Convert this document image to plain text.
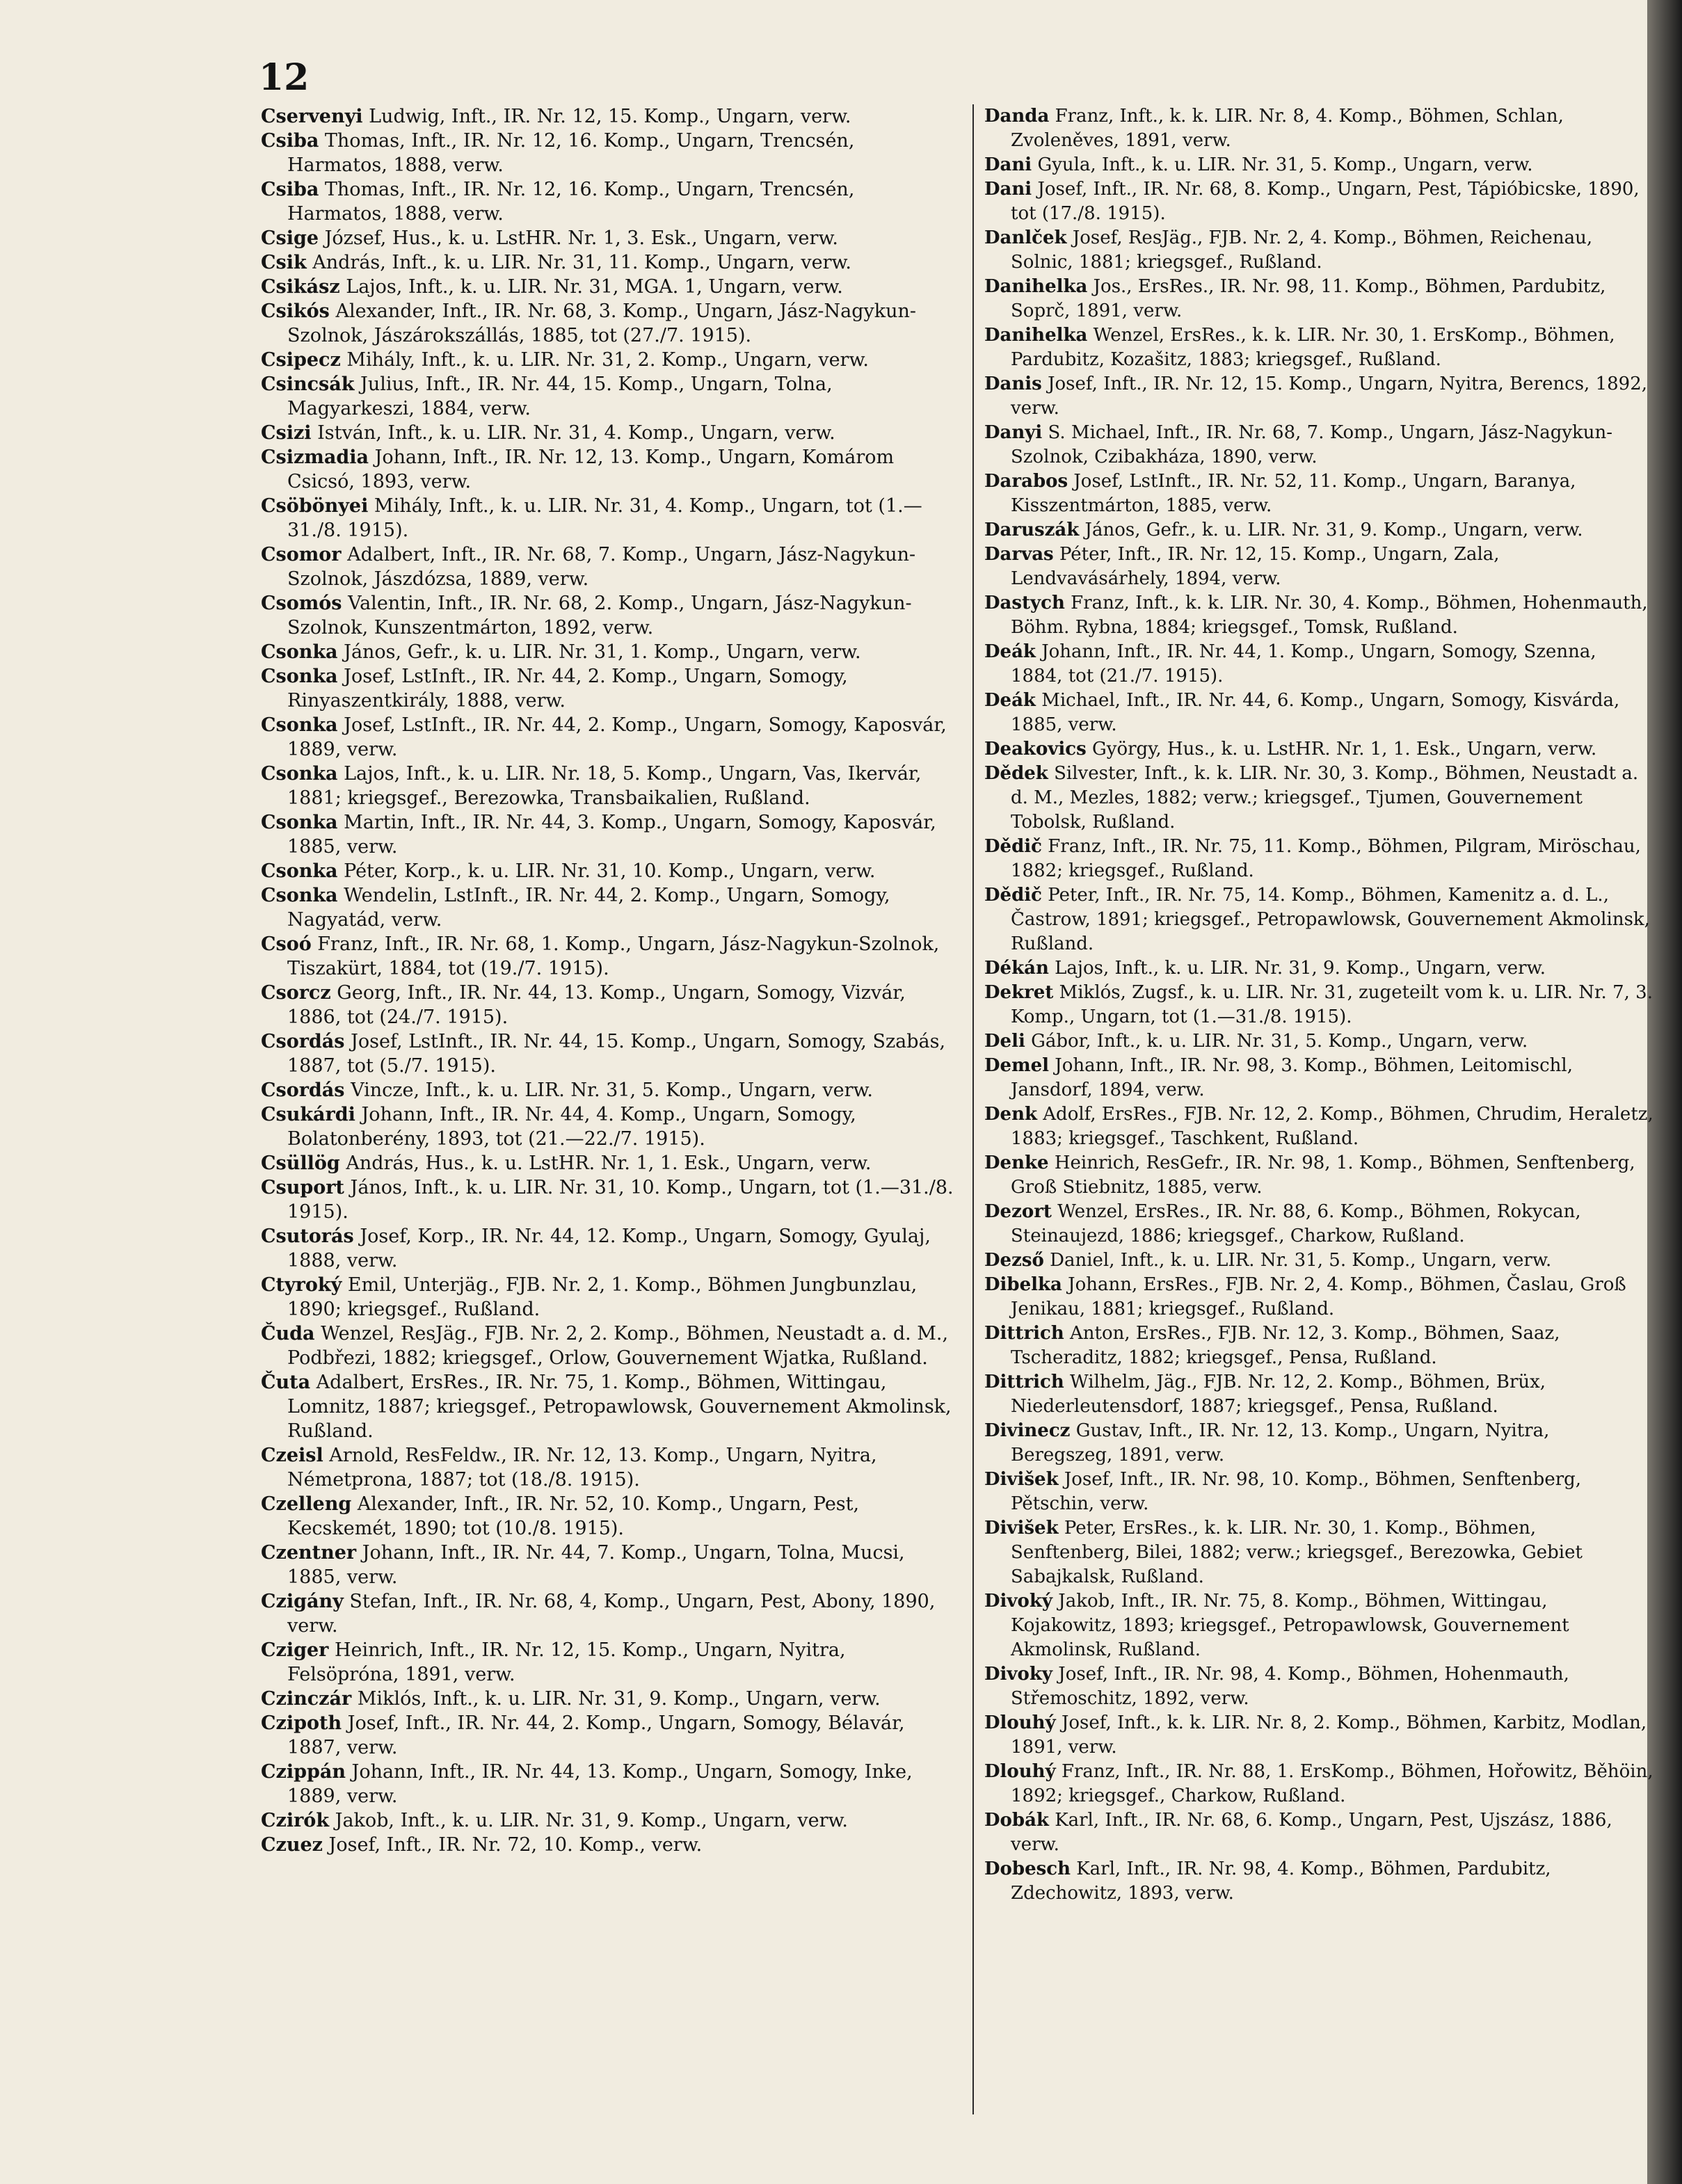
12

Cservenyi Ludwig, Inft., IR. Nr. 12, 15. Komp., Ungarn, verw.
Csiba Thomas, Inft., IR. Nr. 12, 16. Komp., Ungarn, Trencsén, Harmatos, 1888, verw.
Csiba Thomas, Inft., IR. Nr. 12, 16. Komp., Ungarn, Trencsén, Harmatos, 1888, verw.
Csige József, Hus., k. u. LstHR. Nr. 1, 3. Esk., Ungarn, verw.
Csik András, Inft., k. u. LIR. Nr. 31, 11. Komp., Ungarn, verw.
Csikász Lajos, Inft., k. u. LIR. Nr. 31, MGA. 1, Ungarn, verw.
Csikós Alexander, Inft., IR. Nr. 68, 3. Komp., Ungarn, Jász-Nagykun-Szolnok, Jászárokszállás, 1885, tot (27./7. 1915).
Csipecz Mihály, Inft., k. u. LIR. Nr. 31, 2. Komp., Ungarn, verw.
Csincsák Julius, Inft., IR. Nr. 44, 15. Komp., Ungarn, Tolna, Magyarkeszi, 1884, verw.
Csizi István, Inft., k. u. LIR. Nr. 31, 4. Komp., Ungarn, verw.
Csizmadia Johann, Inft., IR. Nr. 12, 13. Komp., Ungarn, Komárom Csicsó, 1893, verw.
Csöbönyei Mihály, Inft., k. u. LIR. Nr. 31, 4. Komp., Ungarn, tot (1.—31./8. 1915).
Csomor Adalbert, Inft., IR. Nr. 68, 7. Komp., Ungarn, Jász-Nagykun-Szolnok, Jászdózsa, 1889, verw.
Csomós Valentin, Inft., IR. Nr. 68, 2. Komp., Ungarn, Jász-Nagykun-Szolnok, Kunszentmárton, 1892, verw.
Csonka János, Gefr., k. u. LIR. Nr. 31, 1. Komp., Ungarn, verw.
Csonka Josef, LstInft., IR. Nr. 44, 2. Komp., Ungarn, Somogy, Rinyaszentkirály, 1888, verw.
Csonka Josef, LstInft., IR. Nr. 44, 2. Komp., Ungarn, Somogy, Kaposvár, 1889, verw.
Csonka Lajos, Inft., k. u. LIR. Nr. 18, 5. Komp., Ungarn, Vas, Ikervár, 1881; kriegsgef., Berezowka, Transbaikalien, Rußland.
Csonka Martin, Inft., IR. Nr. 44, 3. Komp., Ungarn, Somogy, Kaposvár, 1885, verw.
Csonka Péter, Korp., k. u. LIR. Nr. 31, 10. Komp., Ungarn, verw.
Csonka Wendelin, LstInft., IR. Nr. 44, 2. Komp., Ungarn, Somogy, Nagyatád, verw.
Csoó Franz, Inft., IR. Nr. 68, 1. Komp., Ungarn, Jász-Nagykun-Szolnok, Tiszakürt, 1884, tot (19./7. 1915).
Csorcz Georg, Inft., IR. Nr. 44, 13. Komp., Ungarn, Somogy, Vizvár, 1886, tot (24./7. 1915).
Csordás Josef, LstInft., IR. Nr. 44, 15. Komp., Ungarn, Somogy, Szabás, 1887, tot (5./7. 1915).
Csordás Vincze, Inft., k. u. LIR. Nr. 31, 5. Komp., Ungarn, verw.
Csukárdi Johann, Inft., IR. Nr. 44, 4. Komp., Ungarn, Somogy, Bolatonberény, 1893, tot (21.—22./7. 1915).
Csüllög András, Hus., k. u. LstHR. Nr. 1, 1. Esk., Ungarn, verw.
Csuport János, Inft., k. u. LIR. Nr. 31, 10. Komp., Ungarn, tot (1.—31./8. 1915).
Csutorás Josef, Korp., IR. Nr. 44, 12. Komp., Ungarn, Somogy, Gyulaj, 1888, verw.
Ctyroký Emil, Unterjäg., FJB. Nr. 2, 1. Komp., Böhmen Jungbunzlau, 1890; kriegsgef., Rußland.
Čuda Wenzel, ResJäg., FJB. Nr. 2, 2. Komp., Böhmen, Neustadt a. d. M., Podbřezi, 1882; kriegsgef., Orlow, Gouvernement Wjatka, Rußland.
Čuta Adalbert, ErsRes., IR. Nr. 75, 1. Komp., Böhmen, Wittingau, Lomnitz, 1887; kriegsgef., Petropawlowsk, Gouvernement Akmolinsk, Rußland.
Czeisl Arnold, ResFeldw., IR. Nr. 12, 13. Komp., Ungarn, Nyitra, Németprona, 1887; tot (18./8. 1915).
Czelleng Alexander, Inft., IR. Nr. 52, 10. Komp., Ungarn, Pest, Kecskemét, 1890; tot (10./8. 1915).
Czentner Johann, Inft., IR. Nr. 44, 7. Komp., Ungarn, Tolna, Mucsi, 1885, verw.
Czigány Stefan, Inft., IR. Nr. 68, 4, Komp., Ungarn, Pest, Abony, 1890, verw.
Cziger Heinrich, Inft., IR. Nr. 12, 15. Komp., Ungarn, Nyitra, Felsöpróna, 1891, verw.
Czinczár Miklós, Inft., k. u. LIR. Nr. 31, 9. Komp., Ungarn, verw.
Czipoth Josef, Inft., IR. Nr. 44, 2. Komp., Ungarn, Somogy, Bélavár, 1887, verw.
Czippán Johann, Inft., IR. Nr. 44, 13. Komp., Ungarn, Somogy, Inke, 1889, verw.
Czirók Jakob, Inft., k. u. LIR. Nr. 31, 9. Komp., Ungarn, verw.
Czuez Josef, Inft., IR. Nr. 72, 10. Komp., verw.
Danda Franz, Inft., k. k. LIR. Nr. 8, 4. Komp., Böhmen, Schlan, Zvoleněves, 1891, verw.
Dani Gyula, Inft., k. u. LIR. Nr. 31, 5. Komp., Ungarn, verw.
Dani Josef, Inft., IR. Nr. 68, 8. Komp., Ungarn, Pest, Tápióbicske, 1890, tot (17./8. 1915).
Danlček Josef, ResJäg., FJB. Nr. 2, 4. Komp., Böhmen, Reichenau, Solnic, 1881; kriegsgef., Rußland.
Danihelka Jos., ErsRes., IR. Nr. 98, 11. Komp., Böhmen, Pardubitz, Soprč, 1891, verw.
Danihelka Wenzel, ErsRes., k. k. LIR. Nr. 30, 1. ErsKomp., Böhmen, Pardubitz, Kozašitz, 1883; kriegsgef., Rußland.
Danis Josef, Inft., IR. Nr. 12, 15. Komp., Ungarn, Nyitra, Berencs, 1892, verw.
Danyi S. Michael, Inft., IR. Nr. 68, 7. Komp., Ungarn, Jász-Nagykun-Szolnok, Czibakháza, 1890, verw.
Darabos Josef, LstInft., IR. Nr. 52, 11. Komp., Ungarn, Baranya, Kisszentmárton, 1885, verw.
Daruszák János, Gefr., k. u. LIR. Nr. 31, 9. Komp., Ungarn, verw.
Darvas Péter, Inft., IR. Nr. 12, 15. Komp., Ungarn, Zala, Lendvavásárhely, 1894, verw.
Dastych Franz, Inft., k. k. LIR. Nr. 30, 4. Komp., Böhmen, Hohenmauth, Böhm. Rybna, 1884; kriegsgef., Tomsk, Rußland.
Deák Johann, Inft., IR. Nr. 44, 1. Komp., Ungarn, Somogy, Szenna, 1884, tot (21./7. 1915).
Deák Michael, Inft., IR. Nr. 44, 6. Komp., Ungarn, Somogy, Kisvárda, 1885, verw.
Deakovics György, Hus., k. u. LstHR. Nr. 1, 1. Esk., Ungarn, verw.
Dědek Silvester, Inft., k. k. LIR. Nr. 30, 3. Komp., Böhmen, Neustadt a. d. M., Mezles, 1882; verw.; kriegsgef., Tjumen, Gouvernement Tobolsk, Rußland.
Dědič Franz, Inft., IR. Nr. 75, 11. Komp., Böhmen, Pilgram, Miröschau, 1882; kriegsgef., Rußland.
Dědič Peter, Inft., IR. Nr. 75, 14. Komp., Böhmen, Kamenitz a. d. L., Častrow, 1891; kriegsgef., Petropawlowsk, Gouvernement Akmolinsk, Rußland.
Dékán Lajos, Inft., k. u. LIR. Nr. 31, 9. Komp., Ungarn, verw.
Dekret Miklós, Zugsf., k. u. LIR. Nr. 31, zugeteilt vom k. u. LIR. Nr. 7, 3. Komp., Ungarn, tot (1.—31./8. 1915).
Deli Gábor, Inft., k. u. LIR. Nr. 31, 5. Komp., Ungarn, verw.
Demel Johann, Inft., IR. Nr. 98, 3. Komp., Böhmen, Leitomischl, Jansdorf, 1894, verw.
Denk Adolf, ErsRes., FJB. Nr. 12, 2. Komp., Böhmen, Chrudim, Heraletz, 1883; kriegsgef., Taschkent, Rußland.
Denke Heinrich, ResGefr., IR. Nr. 98, 1. Komp., Böhmen, Senftenberg, Groß Stiebnitz, 1885, verw.
Dezort Wenzel, ErsRes., IR. Nr. 88, 6. Komp., Böhmen, Rokycan, Steinaujezd, 1886; kriegsgef., Charkow, Rußland.
Dezső Daniel, Inft., k. u. LIR. Nr. 31, 5. Komp., Ungarn, verw.
Dibelka Johann, ErsRes., FJB. Nr. 2, 4. Komp., Böhmen, Časlau, Groß Jenikau, 1881; kriegsgef., Rußland.
Dittrich Anton, ErsRes., FJB. Nr. 12, 3. Komp., Böhmen, Saaz, Tscheraditz, 1882; kriegsgef., Pensa, Rußland.
Dittrich Wilhelm, Jäg., FJB. Nr. 12, 2. Komp., Böhmen, Brüx, Niederleutensdorf, 1887; kriegsgef., Pensa, Rußland.
Divinecz Gustav, Inft., IR. Nr. 12, 13. Komp., Ungarn, Nyitra, Beregszeg, 1891, verw.
Divišek Josef, Inft., IR. Nr. 98, 10. Komp., Böhmen, Senftenberg, Pětschin, verw.
Divišek Peter, ErsRes., k. k. LIR. Nr. 30, 1. Komp., Böhmen, Senftenberg, Bilei, 1882; verw.; kriegsgef., Berezowka, Gebiet Sabajkalsk, Rußland.
Divoký Jakob, Inft., IR. Nr. 75, 8. Komp., Böhmen, Wittingau, Kojakowitz, 1893; kriegsgef., Petropawlowsk, Gouvernement Akmolinsk, Rußland.
Divoky Josef, Inft., IR. Nr. 98, 4. Komp., Böhmen, Hohenmauth, Střemoschitz, 1892, verw.
Dlouhý Josef, Inft., k. k. LIR. Nr. 8, 2. Komp., Böhmen, Karbitz, Modlan, 1891, verw.
Dlouhý Franz, Inft., IR. Nr. 88, 1. ErsKomp., Böhmen, Hořowitz, Běhöin, 1892; kriegsgef., Charkow, Rußland.
Dobák Karl, Inft., IR. Nr. 68, 6. Komp., Ungarn, Pest, Ujszász, 1886, verw.
Dobesch Karl, Inft., IR. Nr. 98, 4. Komp., Böhmen, Pardubitz, Zdechowitz, 1893, verw.
